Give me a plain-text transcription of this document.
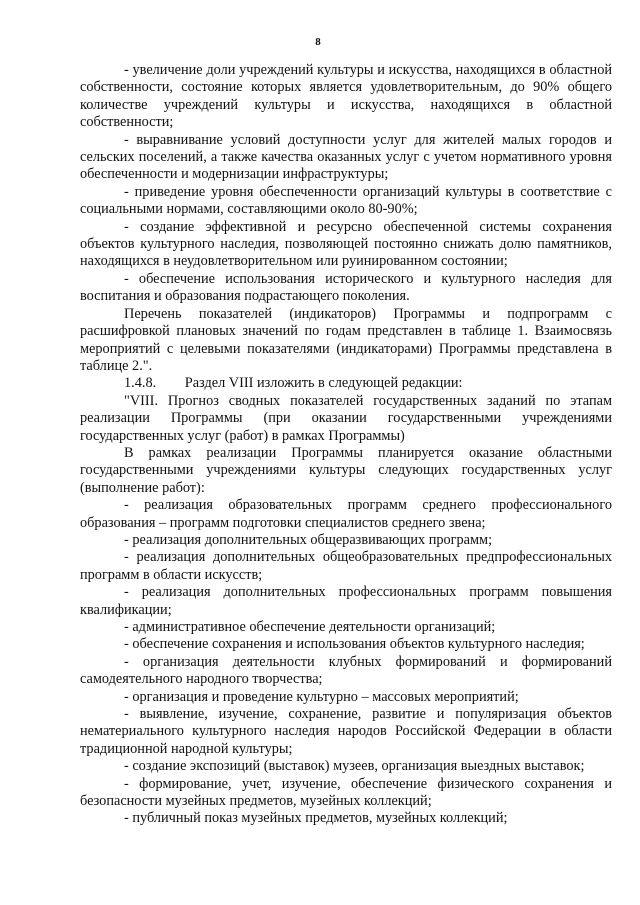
8

- увеличение доли учреждений культуры и искусства, находящихся в областной собственности, состояние которых является удовлетворительным, до 90% общего количестве учреждений культуры и искусства, находящихся в областной собственности;

- выравнивание условий доступности услуг для жителей малых городов и сельских поселений, а также качества оказанных услуг с учетом нормативного уровня обеспеченности и модернизации инфраструктуры;

- приведение уровня обеспеченности организаций культуры в соответствие с социальными нормами, составляющими около 80-90%;

- создание эффективной и ресурсно обеспеченной системы сохранения объектов культурного наследия, позволяющей постоянно снижать долю памятников, находящихся в неудовлетворительном или руинированном состоянии;

- обеспечение использования исторического и культурного наследия для воспитания и образования подрастающего поколения.

Перечень показателей (индикаторов) Программы и подпрограмм с расшифровкой плановых значений по годам представлен в таблице 1. Взаимосвязь мероприятий с целевыми показателями (индикаторами) Программы представлена в таблице 2.".

1.4.8.        Раздел VIII изложить в следующей редакции:

"VIII. Прогноз сводных показателей государственных заданий по этапам реализации Программы (при оказании государственными учреждениями государственных услуг (работ) в рамках Программы)

В рамках реализации Программы планируется оказание областными государственными учреждениями культуры следующих государственных услуг (выполнение работ):

- реализация образовательных программ среднего профессионального образования – программ подготовки специалистов среднего звена;

- реализация дополнительных общеразвивающих программ;

- реализация дополнительных общеобразовательных предпрофессиональных программ в области искусств;

- реализация дополнительных профессиональных программ повышения квалификации;

- административное обеспечение деятельности организаций;

- обеспечение сохранения и использования объектов культурного наследия;

- организация деятельности клубных формирований и формирований самодеятельного народного творчества;

- организация и проведение культурно – массовых мероприятий;

- выявление, изучение, сохранение, развитие и популяризация объектов нематериального культурного наследия народов Российской Федерации в области традиционной народной культуры;

- создание экспозиций (выставок) музеев, организация выездных выставок;

- формирование, учет, изучение, обеспечение физического сохранения и безопасности музейных предметов, музейных коллекций;

- публичный показ музейных предметов, музейных коллекций;
